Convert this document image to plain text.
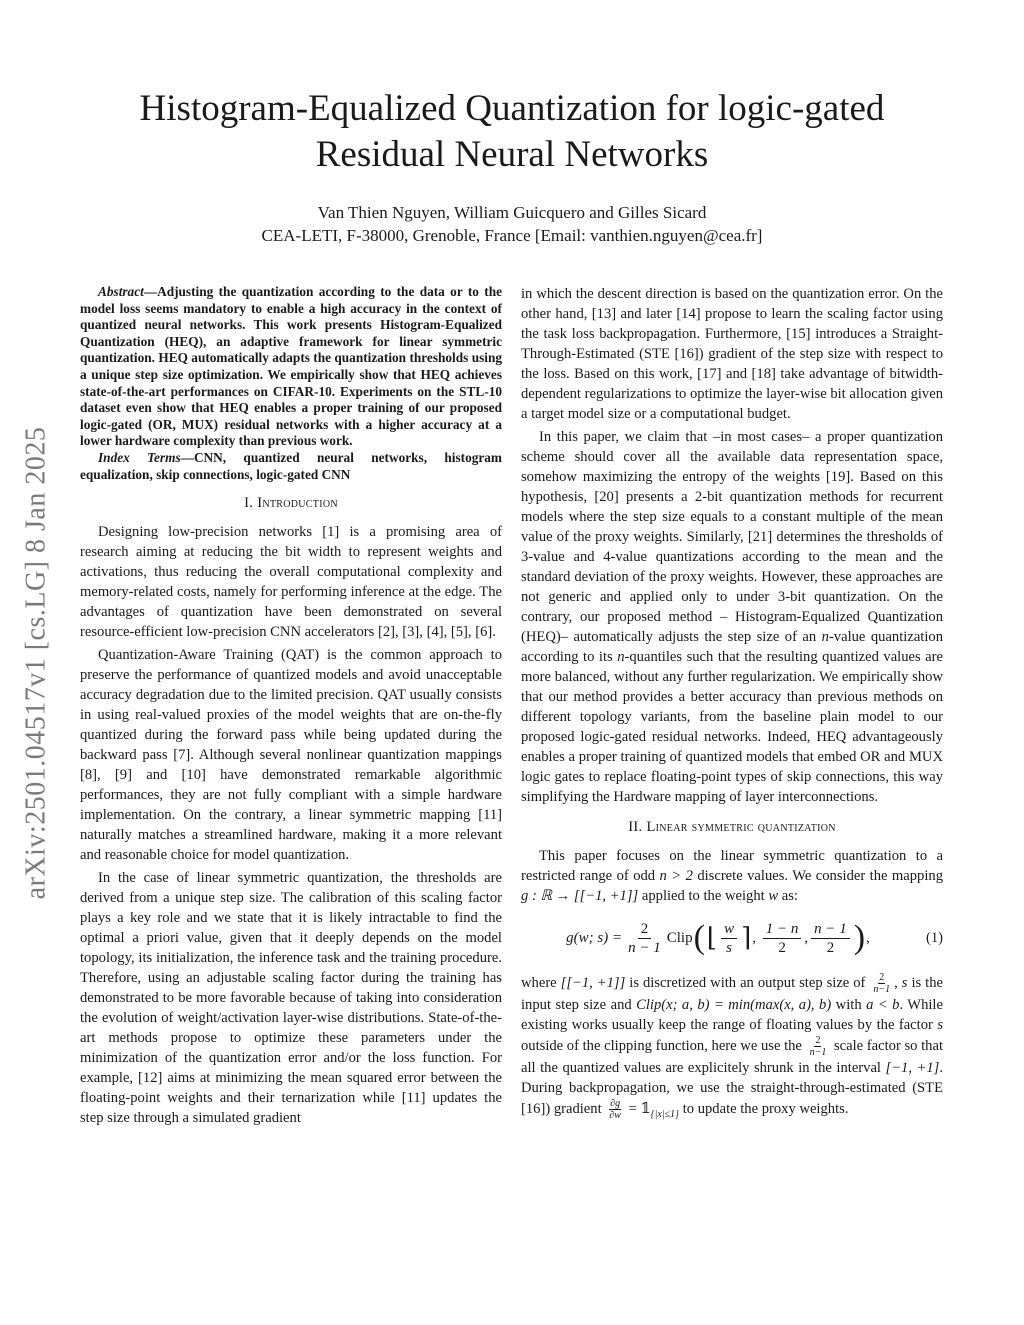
arXiv:2501.04517v1 [cs.LG] 8 Jan 2025
Histogram-Equalized Quantization for logic-gated
Residual Neural Networks
Van Thien Nguyen, William Guicquero and Gilles Sicard
CEA-LETI, F-38000, Grenoble, France [Email: vanthien.nguyen@cea.fr]

Abstract—Adjusting the quantization according to the data or to the model loss seems mandatory to enable a high accuracy in the context of quantized neural networks. This work presents Histogram-Equalized Quantization (HEQ), an adaptive framework for linear symmetric quantization. HEQ automatically adapts the quantization thresholds using a unique step size optimization. We empirically show that HEQ achieves state-of-the-art performances on CIFAR-10. Experiments on the STL-10 dataset even show that HEQ enables a proper training of our proposed logic-gated (OR, MUX) residual networks with a higher accuracy at a lower hardware complexity than previous work.

Index Terms—CNN, quantized neural networks, histogram equalization, skip connections, logic-gated CNN

I. Introduction

Designing low-precision networks [1] is a promising area of research aiming at reducing the bit width to represent weights and activations, thus reducing the overall computational complexity and memory-related costs, namely for performing inference at the edge. The advantages of quantization have been demonstrated on several resource-efficient low-precision CNN accelerators [2], [3], [4], [5], [6].

Quantization-Aware Training (QAT) is the common approach to preserve the performance of quantized models and avoid unacceptable accuracy degradation due to the limited precision. QAT usually consists in using real-valued proxies of the model weights that are on-the-fly quantized during the forward pass while being updated during the backward pass [7]. Although several nonlinear quantization mappings [8], [9] and [10] have demonstrated remarkable algorithmic performances, they are not fully compliant with a simple hardware implementation. On the contrary, a linear symmetric mapping [11] naturally matches a streamlined hardware, making it a more relevant and reasonable choice for model quantization.

In the case of linear symmetric quantization, the thresholds are derived from a unique step size. The calibration of this scaling factor plays a key role and we state that it is likely intractable to find the optimal a priori value, given that it deeply depends on the model topology, its initialization, the inference task and the training procedure. Therefore, using an adjustable scaling factor during the training has demonstrated to be more favorable because of taking into consideration the evolution of weight/activation layer-wise distributions. State-of-the-art methods propose to optimize these parameters under the minimization of the quantization error and/or the loss function. For example, [12] aims at minimizing the mean squared error between the floating-point weights and their ternarization while [11] updates the step size through a simulated gradient

in which the descent direction is based on the quantization error. On the other hand, [13] and later [14] propose to learn the scaling factor using the task loss backpropagation. Furthermore, [15] introduces a Straight-Through-Estimated (STE [16]) gradient of the step size with respect to the loss. Based on this work, [17] and [18] take advantage of bitwidth-dependent regularizations to optimize the layer-wise bit allocation given a target model size or a computational budget.

In this paper, we claim that –in most cases– a proper quantization scheme should cover all the available data representation space, somehow maximizing the entropy of the weights [19]. Based on this hypothesis, [20] presents a 2-bit quantization methods for recurrent models where the step size equals to a constant multiple of the mean value of the proxy weights. Similarly, [21] determines the thresholds of 3-value and 4-value quantizations according to the mean and the standard deviation of the proxy weights. However, these approaches are not generic and applied only to under 3-bit quantization. On the contrary, our proposed method – Histogram-Equalized Quantization (HEQ)– automatically adjusts the step size of an n-value quantization according to its n-quantiles such that the resulting quantized values are more balanced, without any further regularization. We empirically show that our method provides a better accuracy than previous methods on different topology variants, from the baseline plain model to our proposed logic-gated residual networks. Indeed, HEQ advantageously enables a proper training of quantized models that embed OR and MUX logic gates to replace floating-point types of skip connections, this way simplifying the Hardware mapping of layer interconnections.

II. Linear symmetric quantization

This paper focuses on the linear symmetric quantization to a restricted range of odd n > 2 discrete values. We consider the mapping g : ℝ → [[−1, +1]] applied to the weight w as:

g(w; $s) = \frac{2}{n - 1}$ Clip ( ⌊ $\frac{w}{s}$ ⌉ , $\frac{1 - n}{2}$ , $\frac{n - 1}{2}$ ) ,	(1)

where [[−1, +1]] is discretized with an output step size of $\frac{2}{n-1}$ , s is the input step size and Clip(x; a, b) = min(max(x, a), b) with a < b. While existing works usually keep the range of floating values by the factor s outside of the clipping function, here we use the $\frac{2}{n-1}$ scale factor so that all the quantized values are explicitely shrunk in the interval [−1, +1]. During backpropagation, we use the straight-through-estimated (STE [16]) gradient $\frac{\partial g}{\partial w}$ = $𝟙_{\{|x|\le 1\}}$ to update the proxy weights.
